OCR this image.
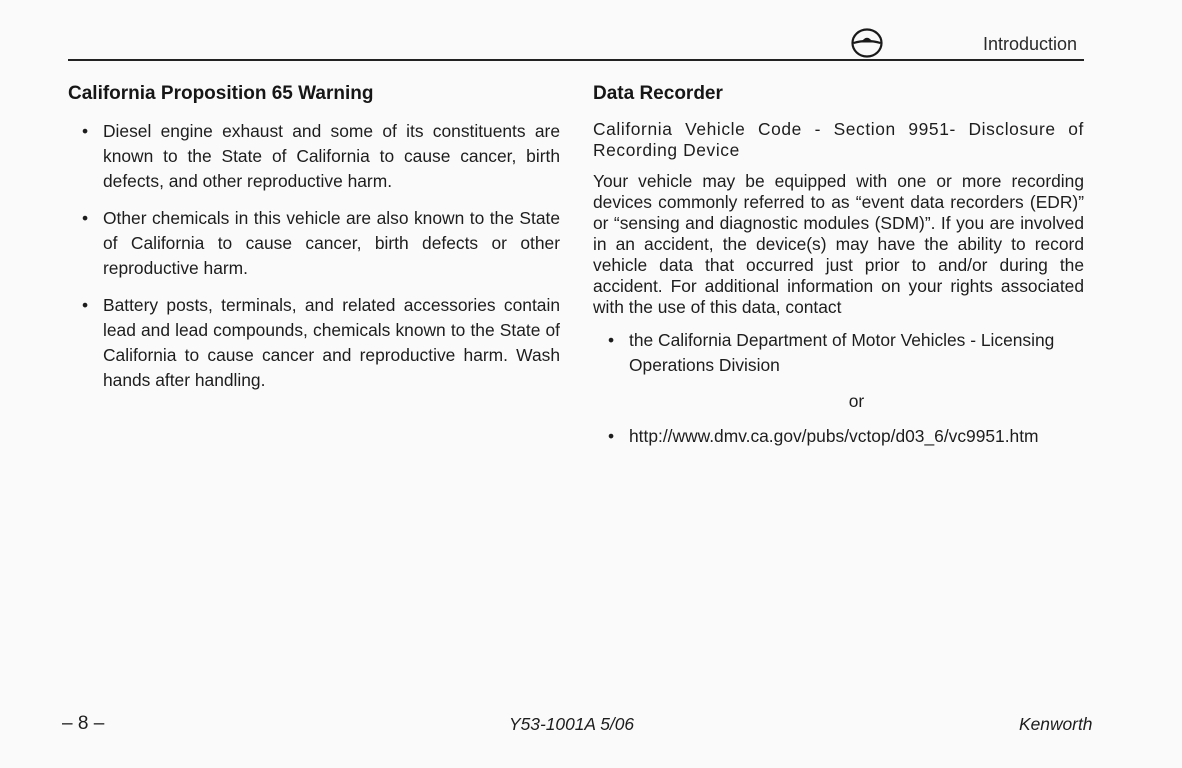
Introduction
California Proposition 65 Warning
• Diesel engine exhaust and some of its constituents are known to the State of California to cause cancer, birth defects, and other reproductive harm.
• Other chemicals in this vehicle are also known to the State of California to cause cancer, birth defects or other reproductive harm.
• Battery posts, terminals, and related accessories contain lead and lead compounds, chemicals known to the State of California to cause cancer and reproductive harm. Wash hands after handling.
Data Recorder

California Vehicle Code - Section 9951- Disclosure of Recording Device

Your vehicle may be equipped with one or more recording devices commonly referred to as “event data recorders (EDR)” or “sensing and diagnostic modules (SDM)”. If you are involved in an accident, the device(s) may have the ability to record vehicle data that occurred just prior to and/or during the accident. For additional information on your rights associated with the use of this data, contact

• the California Department of Motor Vehicles - Licensing Operations Division
or
• http://www.dmv.ca.gov/pubs/vctop/d03_6/vc9951.htm
– 8 –	Y53-1001A 5/06	Kenworth
